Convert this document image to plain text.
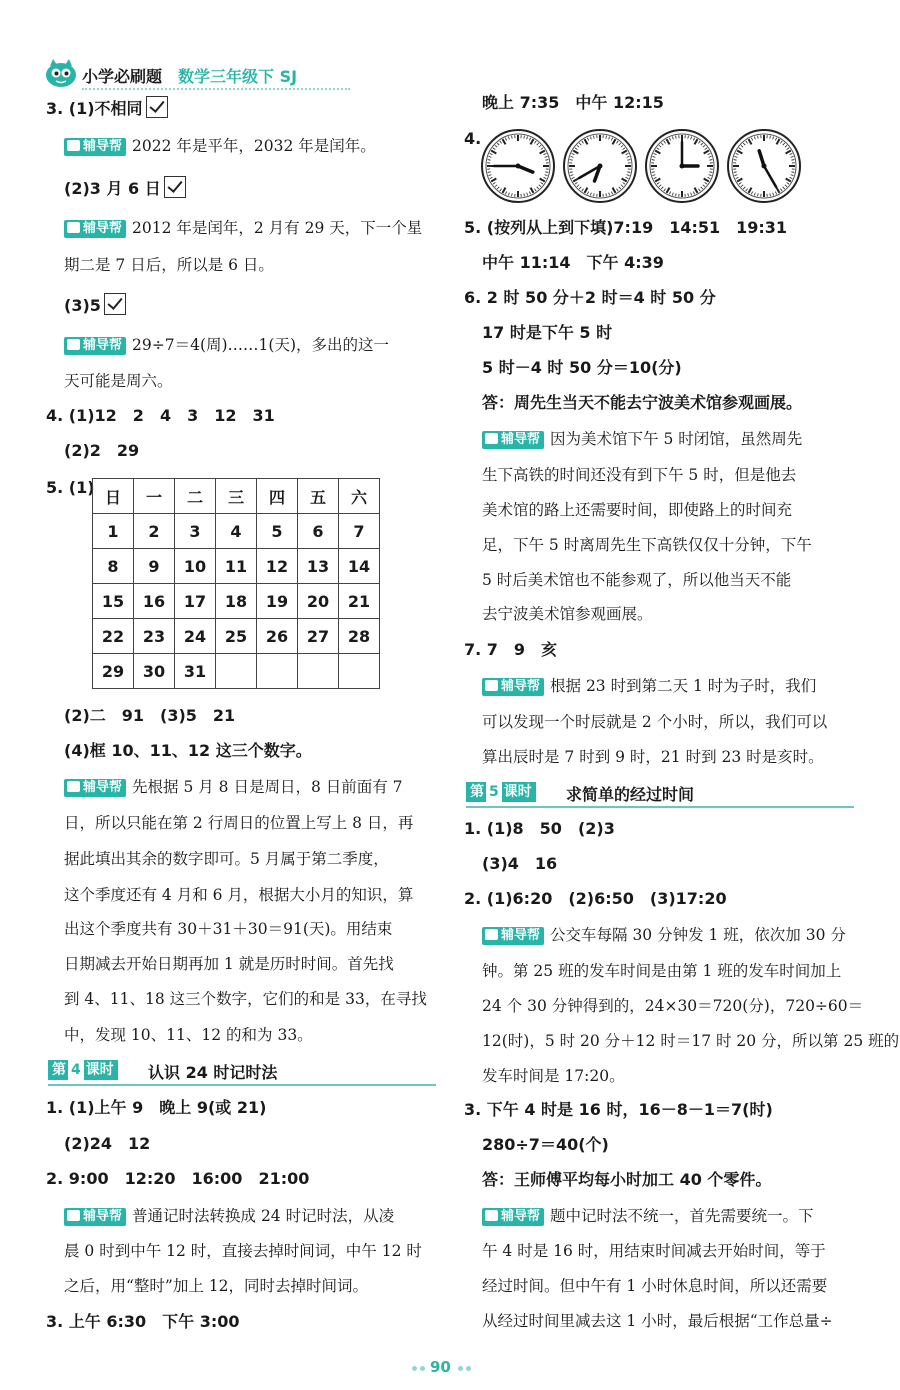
小学必刷题 数学三年级下 SJ
3. (1)不相同
辅导帮 2022 年是平年，2032 年是闰年。
(2)3 月 6 日
辅导帮 2012 年是闰年，2 月有 29 天，下一个星
期二是 7 日后，所以是 6 日。
(3)5
辅导帮 29÷7＝4(周)……1(天)，多出的这一
天可能是周六。
4. (1)12　2　4　3　12　31
(2)2　29
5. (1) 日	一	二	三	四	五	六
1	2	3	4	5	6	7
8	9	10	11	12	13	14
15	16	17	18	19	20	21
22	23	24	25	26	27	28
29	30	31				
(2)二　91　(3)5　21
(4)框 10、11、12 这三个数字。
辅导帮 先根据 5 月 8 日是周日，8 日前面有 7
日，所以只能在第 2 行周日的位置上写上 8 日，再
据此填出其余的数字即可。5 月属于第二季度，
这个季度还有 4 月和 6 月，根据大小月的知识，算
出这个季度共有 30＋31＋30＝91(天)。用结束
日期减去开始日期再加 1 就是历时时间。首先找
到 4、11、18 这三个数字，它们的和是 33，在寻找
中，发现 10、11、12 的和为 33。
第 4 课时 认识 24 时记时法
1. (1)上午 9　晚上 9(或 21)
(2)24　12
2. 9:00　12:20　16:00　21:00
辅导帮 普通记时法转换成 24 时记时法，从凌
晨 0 时到中午 12 时，直接去掉时间词，中午 12 时
之后，用“整时”加上 12，同时去掉时间词。
3. 上午 6:30　下午 3:00
晚上 7:35　中午 12:15
4.
5. (按列从上到下填)7:19　14:51　19:31
中午 11:14　下午 4:39
6. 2 时 50 分＋2 时＝4 时 50 分
17 时是下午 5 时
5 时－4 时 50 分＝10(分)
答：周先生当天不能去宁波美术馆参观画展。
辅导帮 因为美术馆下午 5 时闭馆，虽然周先
生下高铁的时间还没有到下午 5 时，但是他去
美术馆的路上还需要时间，即使路上的时间充
足，下午 5 时离周先生下高铁仅仅十分钟，下午
5 时后美术馆也不能参观了，所以他当天不能
去宁波美术馆参观画展。
7. 7　9　亥
辅导帮 根据 23 时到第二天 1 时为子时，我们
可以发现一个时辰就是 2 个小时，所以，我们可以
算出辰时是 7 时到 9 时，21 时到 23 时是亥时。
第 5 课时 求简单的经过时间
1. (1)8　50　(2)3
(3)4　16
2. (1)6:20　(2)6:50　(3)17:20
辅导帮 公交车每隔 30 分钟发 1 班，依次加 30 分
钟。第 25 班的发车时间是由第 1 班的发车时间加上
24 个 30 分钟得到的，24×30＝720(分)，720÷60＝
12(时)，5 时 20 分＋12 时＝17 时 20 分，所以第 25 班的
发车时间是 17:20。
3. 下午 4 时是 16 时，16－8－1＝7(时)
280÷7＝40(个)
答：王师傅平均每小时加工 40 个零件。
辅导帮 题中记时法不统一，首先需要统一。下
午 4 时是 16 时，用结束时间减去开始时间，等于
经过时间。但中午有 1 小时休息时间，所以还需要
从经过时间里减去这 1 小时，最后根据“工作总量÷
90
